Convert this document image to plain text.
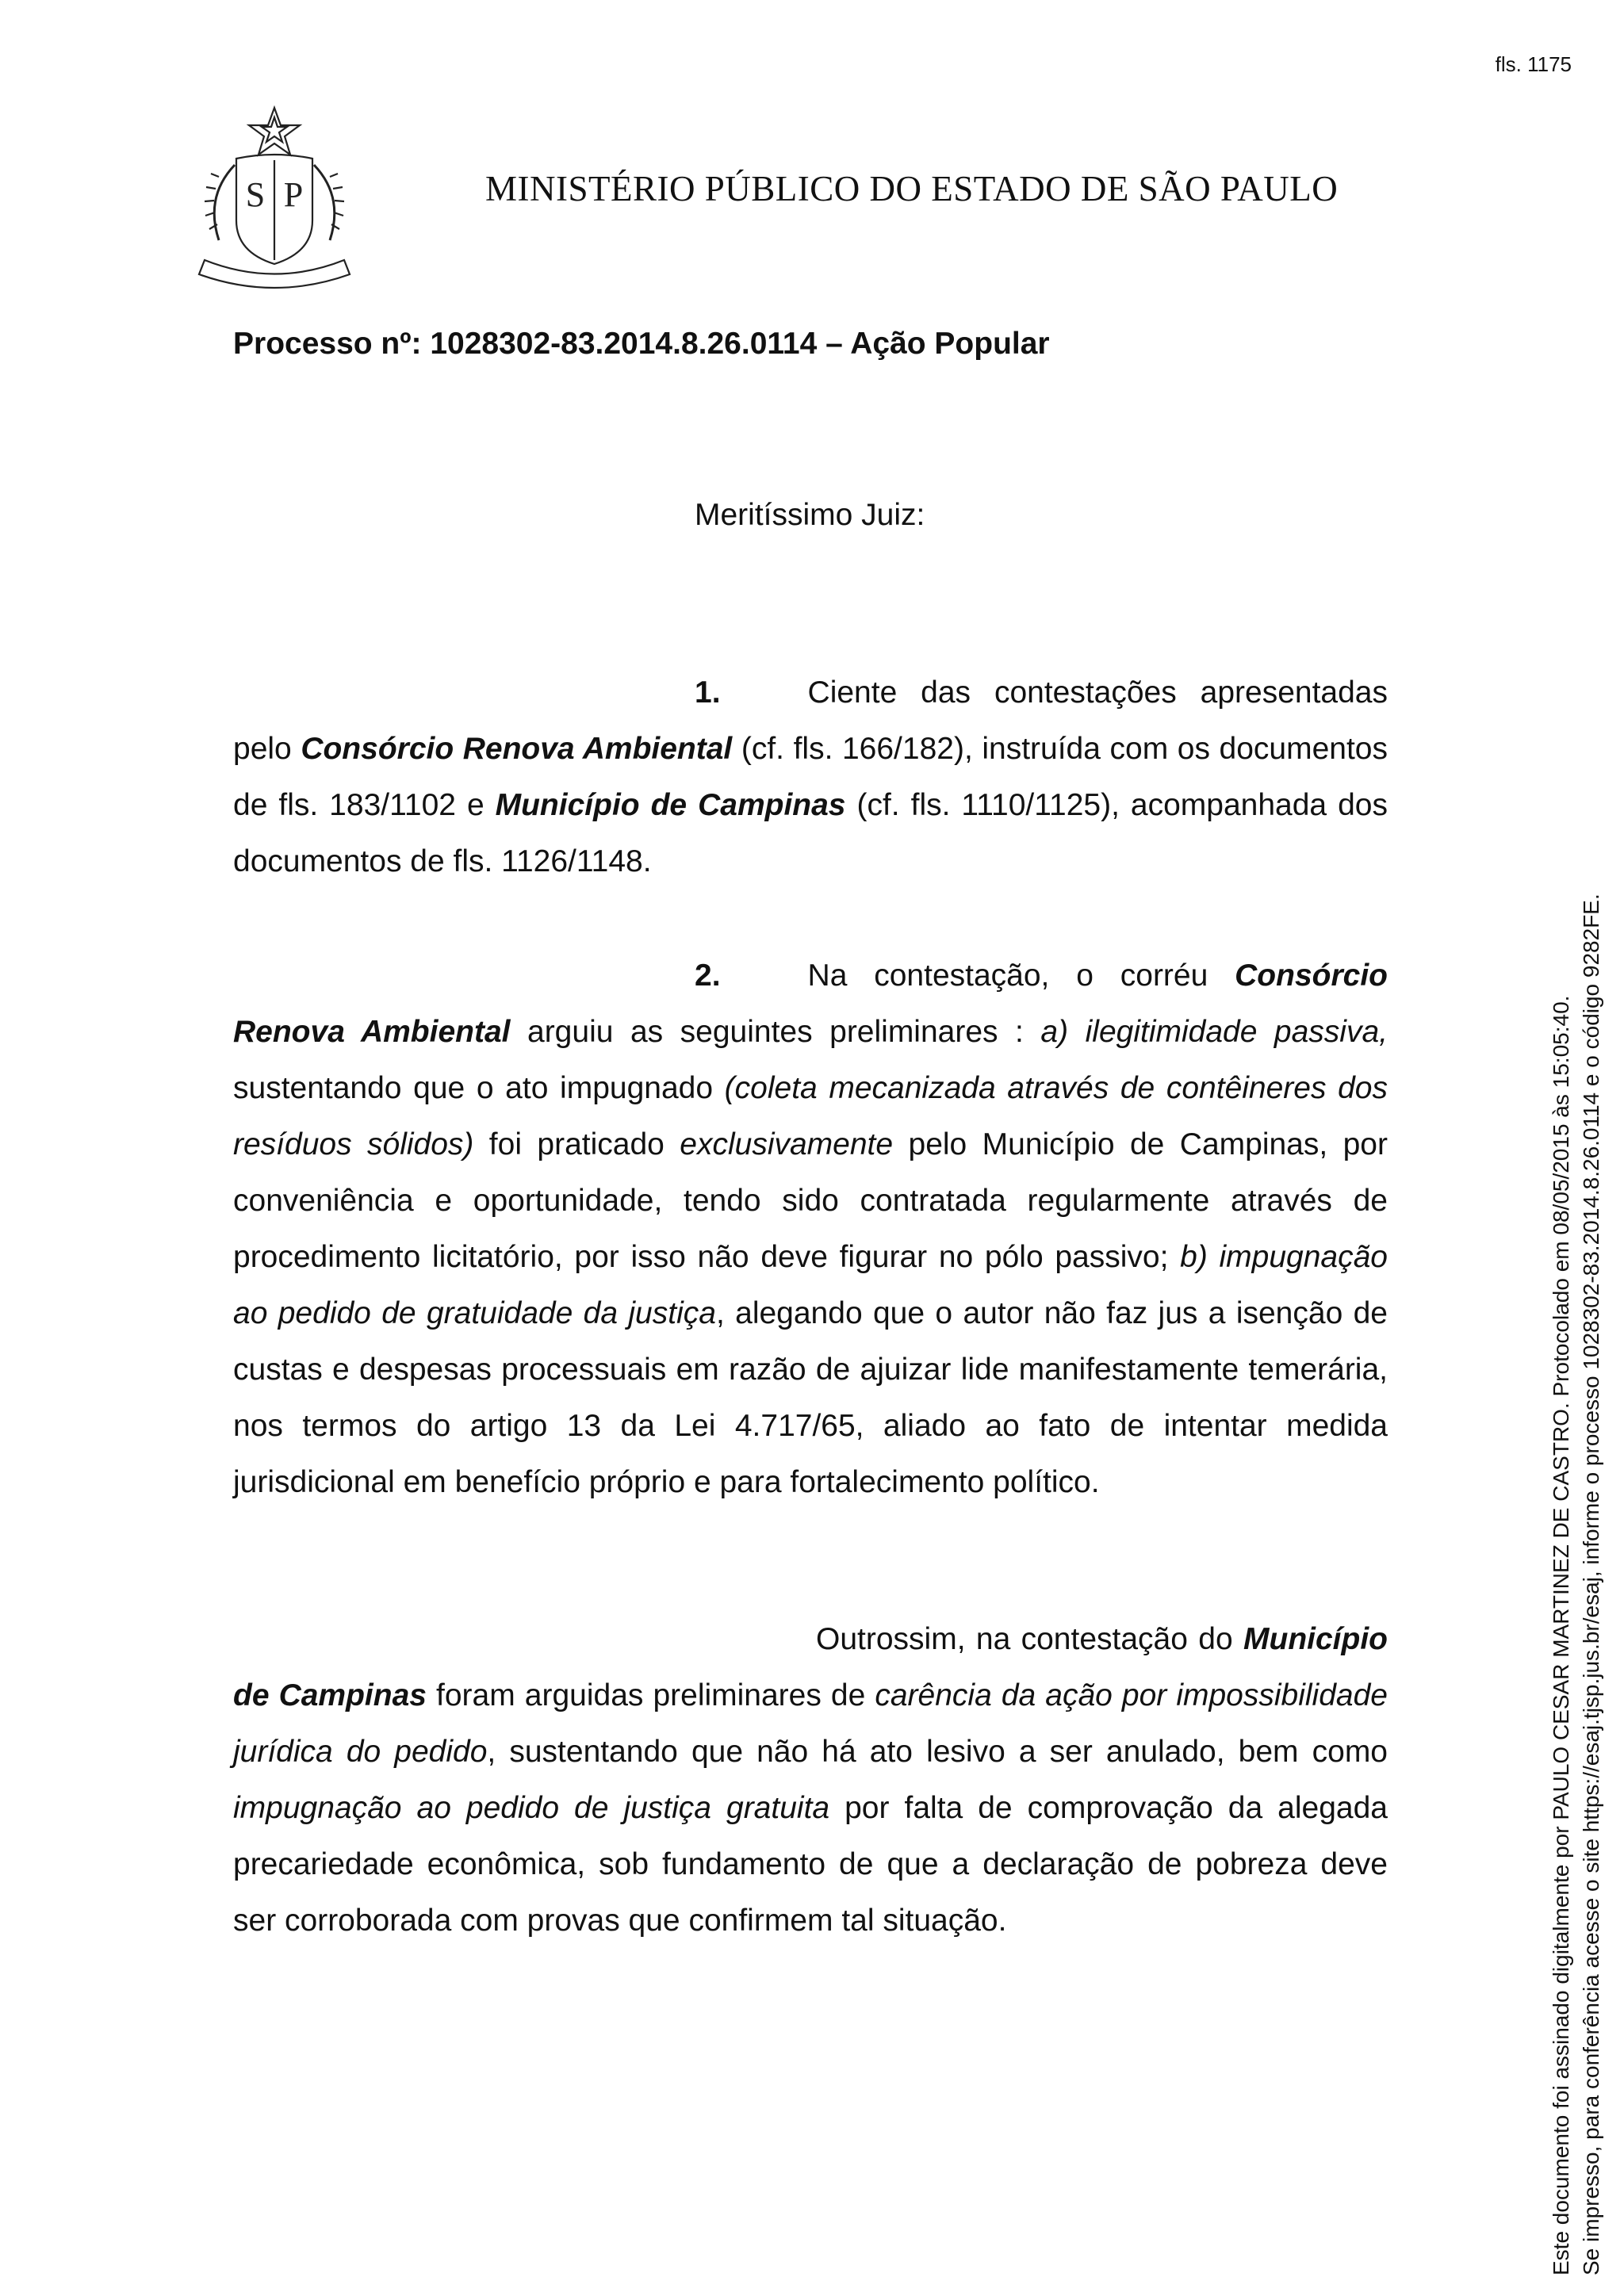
fls. 1175
S P	MINISTÉRIO PÚBLICO DO ESTADO DE SÃO PAULO
Processo nº: 1028302-83.2014.8.26.0114 – Ação Popular
Meritíssimo Juiz:

1.	Ciente das contestações apresentadas pelo Consórcio Renova Ambiental (cf. fls. 166/182), instruída com os documentos de fls. 183/1102 e Município de Campinas (cf. fls. 1110/1125), acompanhada dos documentos de fls. 1126/1148.

2.	Na contestação, o corréu Consórcio Renova Ambiental arguiu as seguintes preliminares : a) ilegitimidade passiva, sustentando que o ato impugnado (coleta mecanizada através de contêineres dos resíduos sólidos) foi praticado exclusivamente pelo Município de Campinas, por conveniência e oportunidade, tendo sido contratada regularmente através de procedimento licitatório, por isso não deve figurar no pólo passivo; b) impugnação ao pedido de gratuidade da justiça, alegando que o autor não faz jus a isenção de custas e despesas processuais em razão de ajuizar lide manifestamente temerária, nos termos do artigo 13 da Lei 4.717/65, aliado ao fato de intentar medida jurisdicional em benefício próprio e para fortalecimento político.

Outrossim, na contestação do Município de Campinas foram arguidas preliminares de carência da ação por impossibilidade jurídica do pedido, sustentando que não há ato lesivo a ser anulado, bem como impugnação ao pedido de justiça gratuita por falta de comprovação da alegada precariedade econômica, sob fundamento de que a declaração de pobreza deve ser corroborada com provas que confirmem tal situação.	Este documento foi assinado digitalmente por PAULO CESAR MARTINEZ DE CASTRO. Protocolado em 08/05/2015 às 15:05:40. Se impresso, para conferência acesse o site https://esaj.tjsp.jus.br/esaj, informe o processo 1028302-83.2014.8.26.0114 e o código 9282FE.
